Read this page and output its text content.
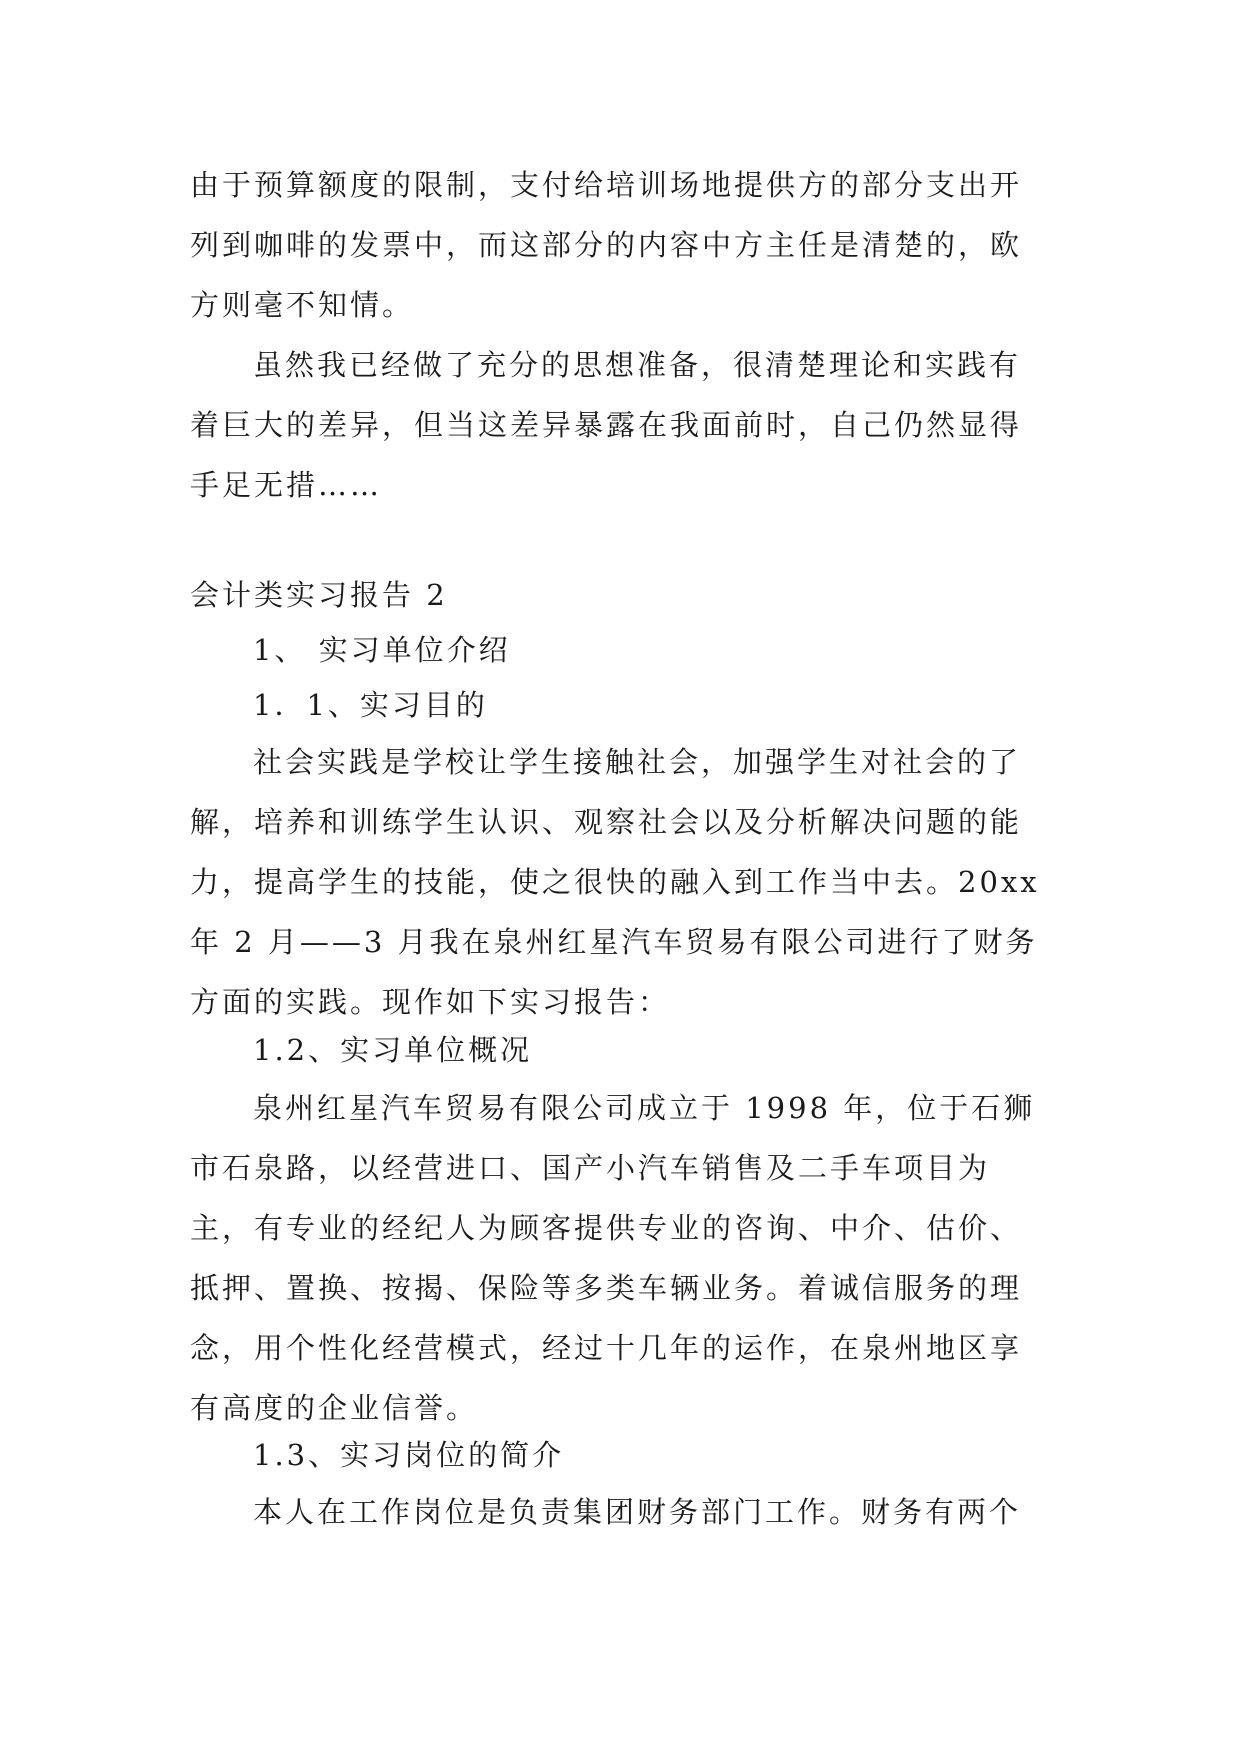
由于预算额度的限制，支付给培训场地提供方的部分支出开列到咖啡的发票中，而这部分的内容中方主任是清楚的，欧方则毫不知情。

虽然我已经做了充分的思想准备，很清楚理论和实践有着巨大的差异，但当这差异暴露在我面前时，自己仍然显得手足无措……

会计类实习报告 2

1、 实习单位介绍

1．1、实习目的

社会实践是学校让学生接触社会，加强学生对社会的了解，培养和训练学生认识、观察社会以及分析解决问题的能力，提高学生的技能，使之很快的融入到工作当中去。20xx 年 2 月——3 月我在泉州红星汽车贸易有限公司进行了财务方面的实践。现作如下实习报告：

1.2、实习单位概况

泉州红星汽车贸易有限公司成立于 1998 年，位于石狮市石泉路，以经营进口、国产小汽车销售及二手车项目为主，有专业的经纪人为顾客提供专业的咨询、中介、估价、抵押、置换、按揭、保险等多类车辆业务。着诚信服务的理念，用个性化经营模式，经过十几年的运作，在泉州地区享有高度的企业信誉。

1.3、实习岗位的简介

本人在工作岗位是负责集团财务部门工作。财务有两个
